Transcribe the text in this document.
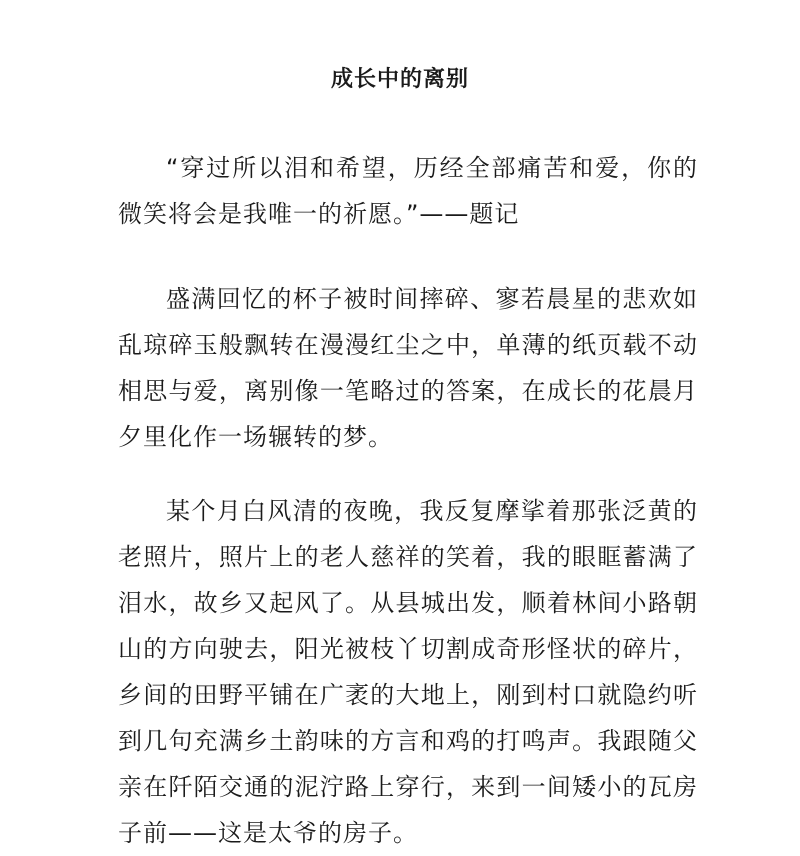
成长中的离别

“穿过所以泪和希望，历经全部痛苦和爱，你的微笑将会是我唯一的祈愿。”——题记

盛满回忆的杯子被时间摔碎、寥若晨星的悲欢如乱琼碎玉般飘转在漫漫红尘之中，单薄的纸页载不动相思与爱，离别像一笔略过的答案，在成长的花晨月夕里化作一场辗转的梦。

某个月白风清的夜晚，我反复摩挲着那张泛黄的老照片，照片上的老人慈祥的笑着，我的眼眶蓄满了泪水，故乡又起风了。从县城出发，顺着林间小路朝山的方向驶去，阳光被枝丫切割成奇形怪状的碎片，乡间的田野平铺在广袤的大地上，刚到村口就隐约听到几句充满乡土韵味的方言和鸡的打鸣声。我跟随父亲在阡陌交通的泥泞路上穿行，来到一间矮小的瓦房子前——这是太爷的房子。
